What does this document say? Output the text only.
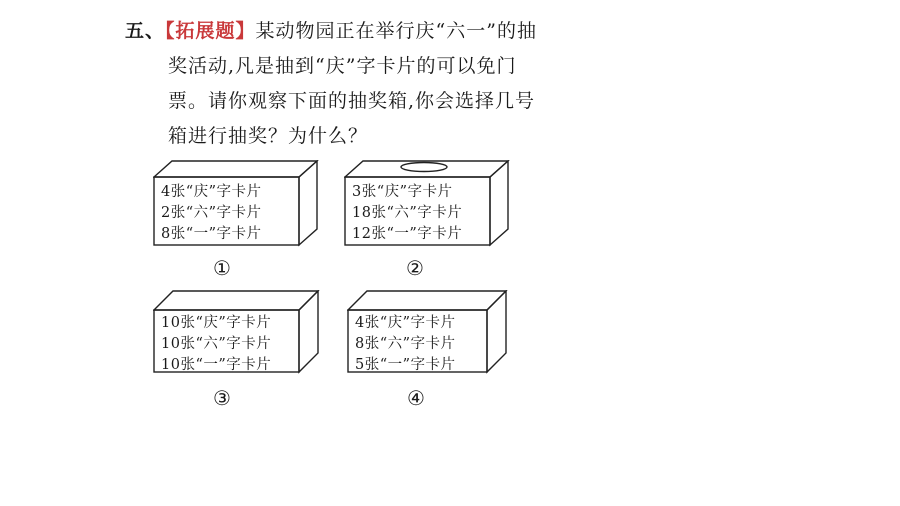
五、【拓展题】某动物园正在举行庆“六一”的抽
奖活动,凡是抽到“庆”字卡片的可以免门
票。请你观察下面的抽奖箱,你会选择几号
箱进行抽奖？为什么？
4张“庆”字卡片
2张“六”字卡片
8张“一”字卡片
①
3张“庆”字卡片
18张“六”字卡片
12张“一”字卡片
②
10张“庆”字卡片
10张“六”字卡片
10张“一”字卡片
③
4张“庆”字卡片
8张“六”字卡片
5张“一”字卡片
④
